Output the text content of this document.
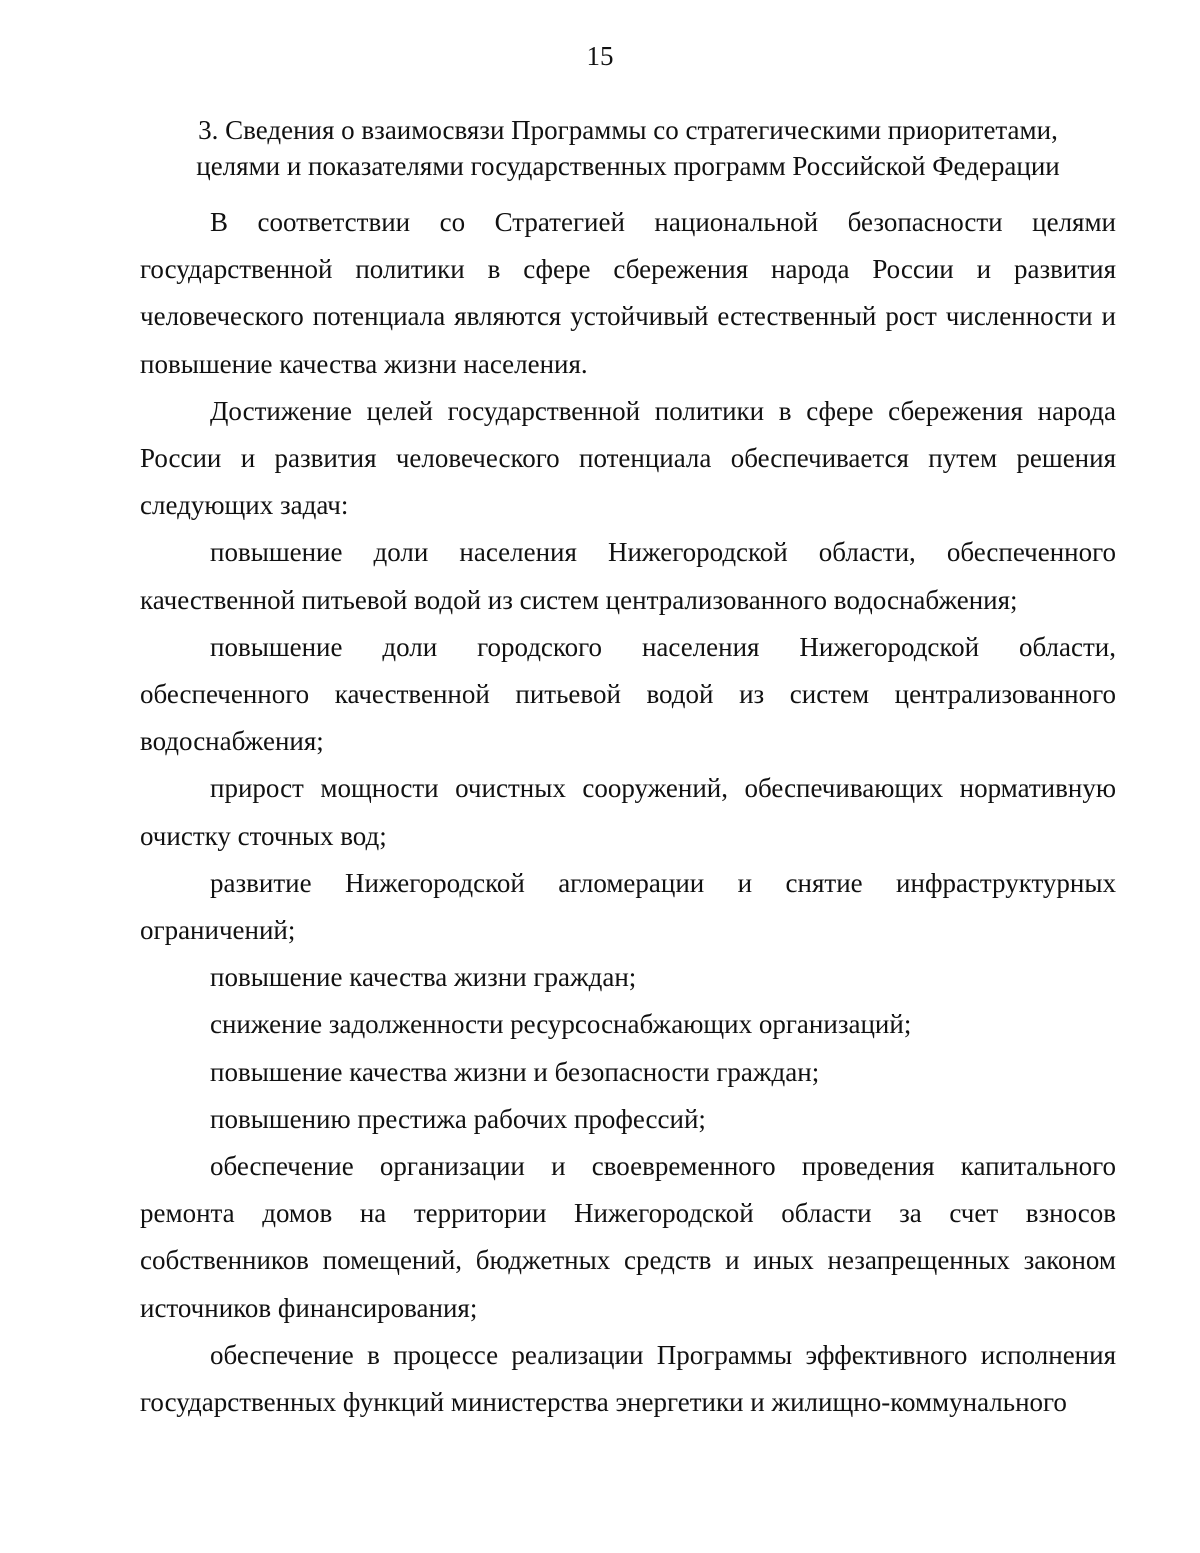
15
3. Сведения о взаимосвязи Программы со стратегическими приоритетами,
целями и показателями государственных программ Российской Федерации

В соответствии со Стратегией национальной безопасности целями государственной политики в сфере сбережения народа России и развития человеческого потенциала являются устойчивый естественный рост численности и повышение качества жизни населения.

Достижение целей государственной политики в сфере сбережения народа России и развития человеческого потенциала обеспечивается путем решения следующих задач:

повышение доли населения Нижегородской области, обеспеченного качественной питьевой водой из систем централизованного водоснабжения;

повышение доли городского населения Нижегородской области, обеспеченного качественной питьевой водой из систем централизованного водоснабжения;

прирост мощности очистных сооружений, обеспечивающих нормативную очистку сточных вод;

развитие Нижегородской агломерации и снятие инфраструктурных ограничений;

повышение качества жизни граждан;

снижение задолженности ресурсоснабжающих организаций;

повышение качества жизни и безопасности граждан;

повышению престижа рабочих профессий;

обеспечение организации и своевременного проведения капитального ремонта домов на территории Нижегородской области за счет взносов собственников помещений, бюджетных средств и иных незапрещенных законом источников финансирования;

обеспечение в процессе реализации Программы эффективного исполнения государственных функций министерства энергетики и жилищно-коммунального
